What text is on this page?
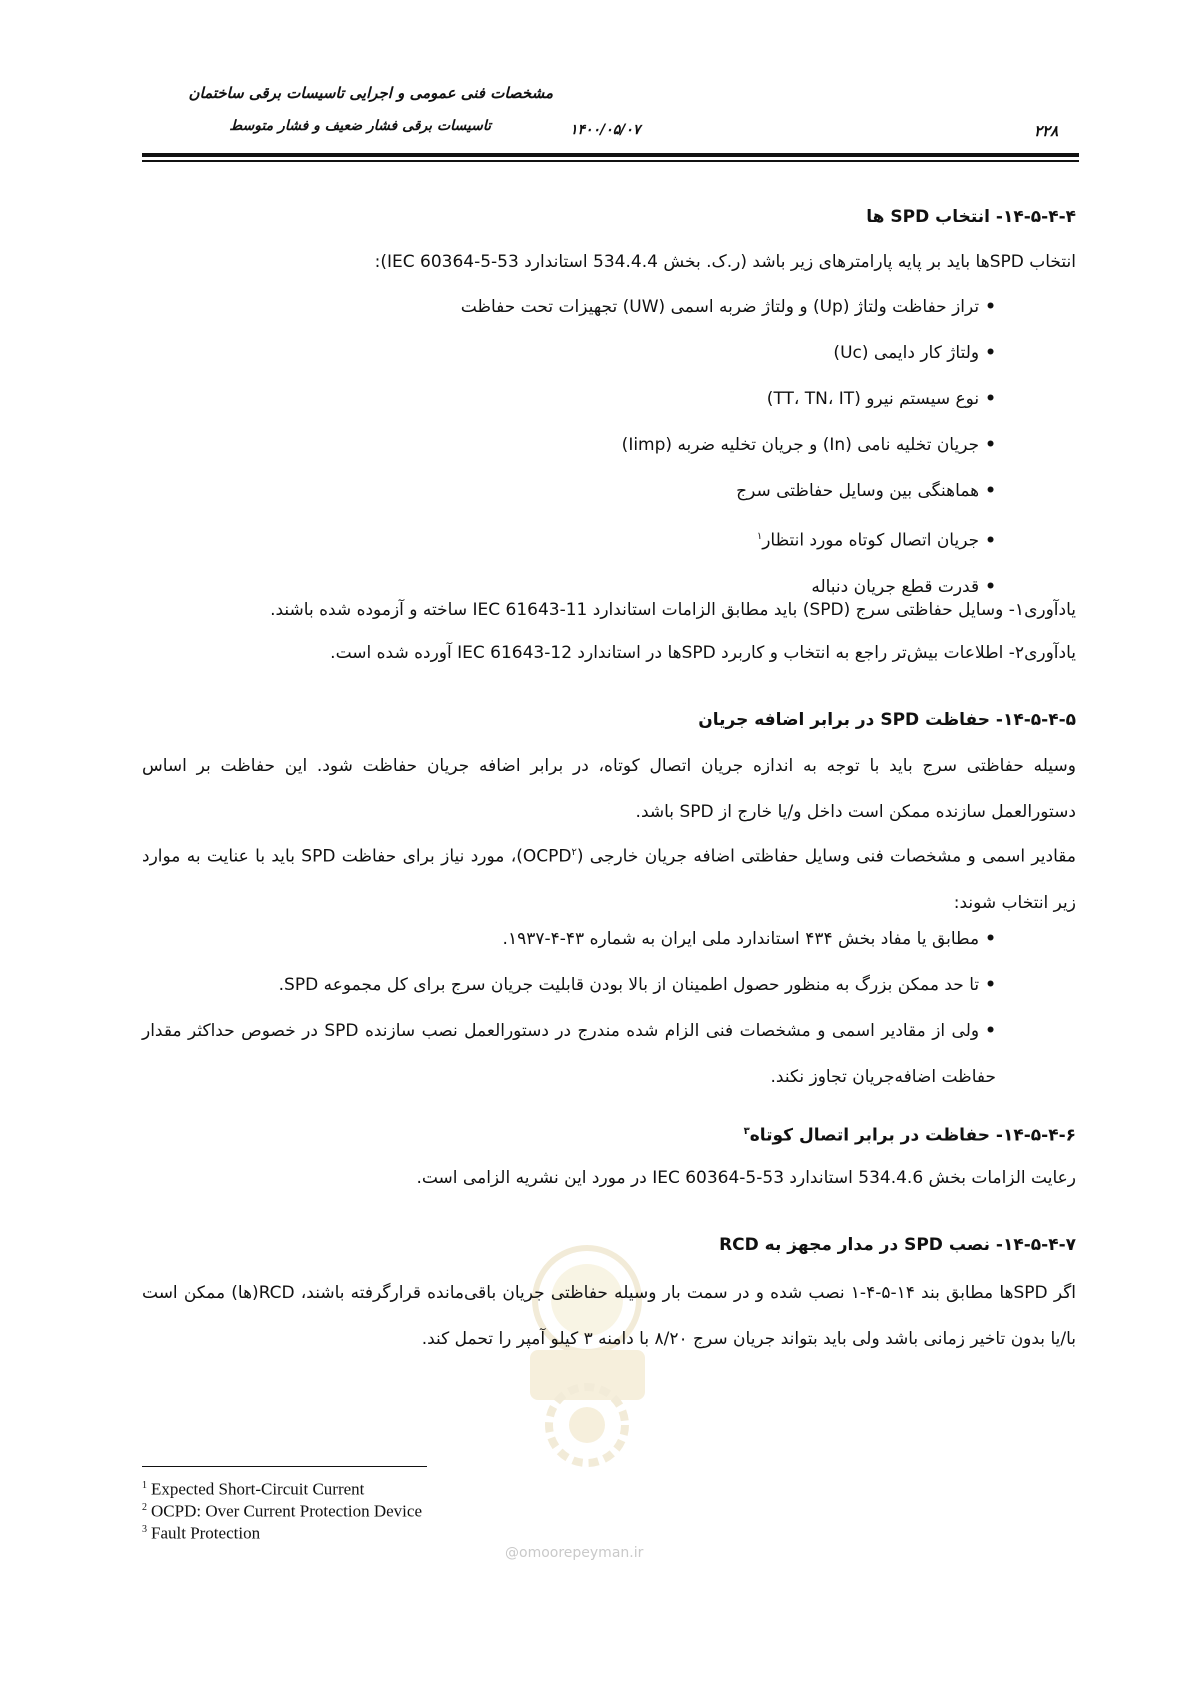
مشخصات فنی عمومی و اجرایی تاسیسات برقی ساختمان
تاسیسات برقی فشار ضعیف و فشار متوسط	۱۴۰۰/۰۵/۰۷	۲۲۸
@omoorepeyman.ir
۱۴-۵-۴-۴- انتخاب SPD ها
انتخاب SPDها باید بر پایه پارامترهای زیر باشد (ر.ک. بخش 534.4.4 استاندارد IEC 60364-5-53):
•تراز حفاظت ولتاژ (Up) و ولتاژ ضربه اسمی (UW) تجهیزات تحت حفاظت
•ولتاژ کار دایمی (Uc)
•نوع سیستم نیرو (TT، TN، IT)
•جریان تخلیه نامی (In) و جریان تخلیه ضربه (Iimp)
•هماهنگی بین وسایل حفاظتی سرج
•جریان اتصال کوتاه مورد انتظار$^۱$
•قدرت قطع جریان دنباله
یادآوری۱- وسایل حفاظتی سرج (SPD) باید مطابق الزامات استاندارد IEC 61643-11 ساخته و آزموده شده باشند.
یادآوری۲- اطلاعات بیش‌تر راجع به انتخاب و کاربرد SPDها در استاندارد IEC 61643-12 آورده شده است.
۱۴-۵-۴-۵- حفاظت SPD در برابر اضافه جریان
وسیله حفاظتی سرج باید با توجه به اندازه جریان اتصال کوتاه، در برابر اضافه جریان حفاظت شود. این حفاظت بر اساس دستورالعمل سازنده ممکن است داخل و/یا خارج از SPD باشد.
مقادیر اسمی و مشخصات فنی وسایل حفاظتی اضافه جریان خارجی (OCPD$^۲$)، مورد نیاز برای حفاظت SPD باید با عنایت به موارد زیر انتخاب شوند:
•مطابق یا مفاد بخش ۴۳۴ استاندارد ملی ایران به شماره ۴۳-۴-۱۹۳۷.
•تا حد ممکن بزرگ به منظور حصول اطمینان از بالا بودن قابلیت جریان سرج برای کل مجموعه SPD.
•ولی از مقادیر اسمی و مشخصات فنی الزام شده مندرج در دستورالعمل نصب سازنده SPD در خصوص حداکثر مقدار حفاظت اضافه‌جریان تجاوز نکند.
۱۴-۵-۴-۶- حفاظت در برابر اتصال کوتاه$^۳$
رعایت الزامات بخش 534.4.6 استاندارد IEC 60364-5-53 در مورد این نشریه الزامی است.
۱۴-۵-۴-۷- نصب SPD در مدار مجهز به RCD
اگر SPDها مطابق بند ۱۴-۵-۴-۱ نصب شده و در سمت بار وسیله حفاظتی جریان باقی‌مانده قرارگرفته باشند، RCD(ها) ممکن است با/یا بدون تاخیر زمانی باشد ولی باید بتواند جریان سرج ۸/۲۰ با دامنه ۳ کیلو آمپر را تحمل کند.
$^1$ Expected Short-Circuit Current
$^2$ OCPD: Over Current Protection Device
$^3$ Fault Protection
